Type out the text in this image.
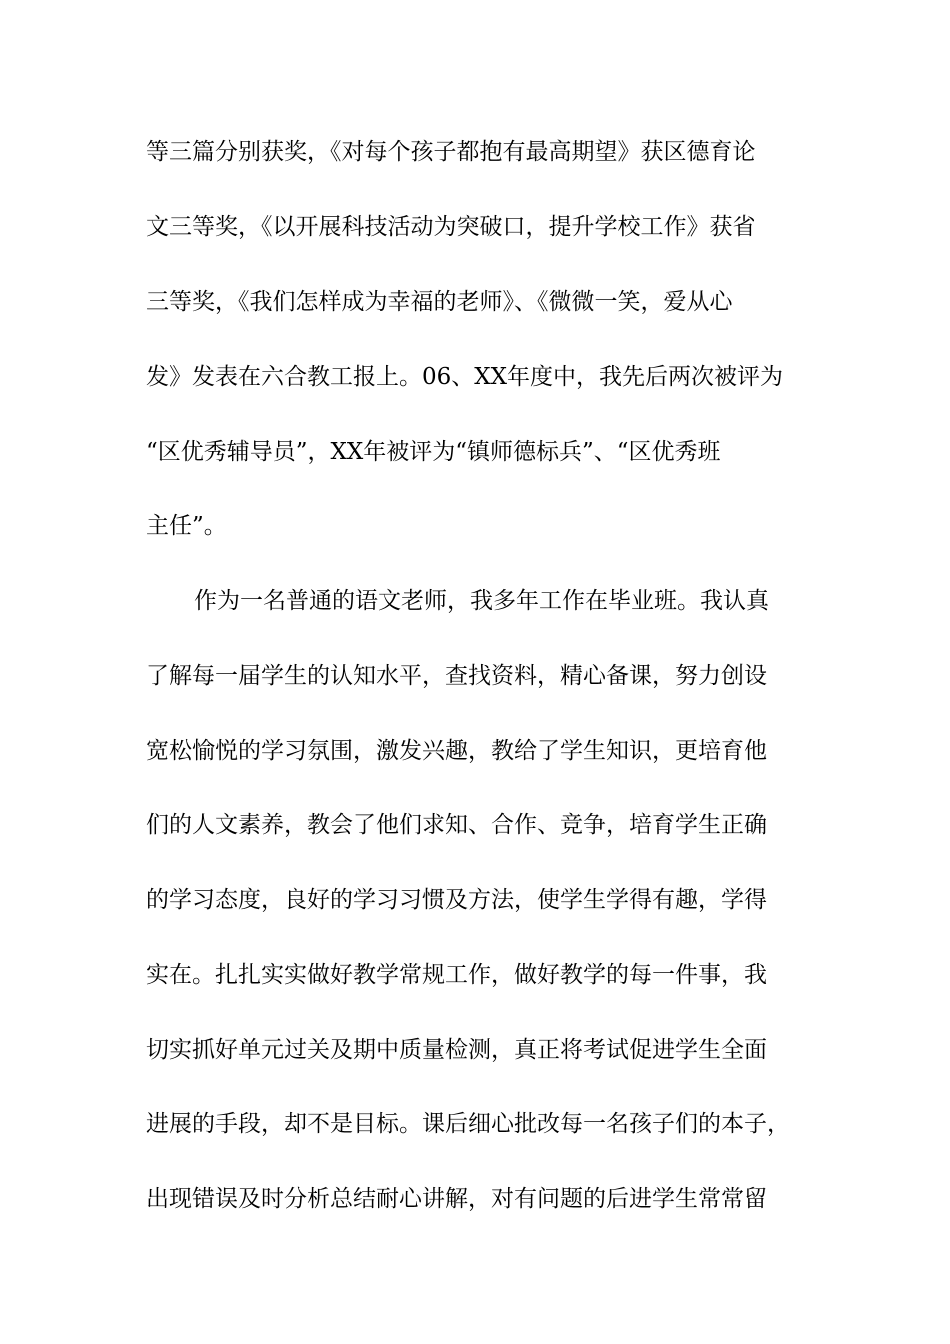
等三篇分别获奖，《对每个孩子都抱有最高期望》获区德育论
文三等奖，《以开展科技活动为突破口，提升学校工作》获省
三等奖，《我们怎样成为幸福的老师》、《微微一笑，爱从心
发》发表在六合教工报上。06、XX年度中，我先后两次被评为
“区优秀辅导员”，XX年被评为“镇师德标兵”、“区优秀班
主任”。
作为一名普通的语文老师，我多年工作在毕业班。我认真
了解每一届学生的认知水平，查找资料，精心备课，努力创设
宽松愉悦的学习氛围，激发兴趣，教给了学生知识，更培育他
们的人文素养，教会了他们求知、合作、竞争，培育学生正确
的学习态度，良好的学习习惯及方法，使学生学得有趣，学得
实在。扎扎实实做好教学常规工作，做好教学的每一件事，我
切实抓好单元过关及期中质量检测，真正将考试促进学生全面
进展的手段，却不是目标。课后细心批改每一名孩子们的本子，
出现错误及时分析总结耐心讲解，对有问题的后进学生常常留
